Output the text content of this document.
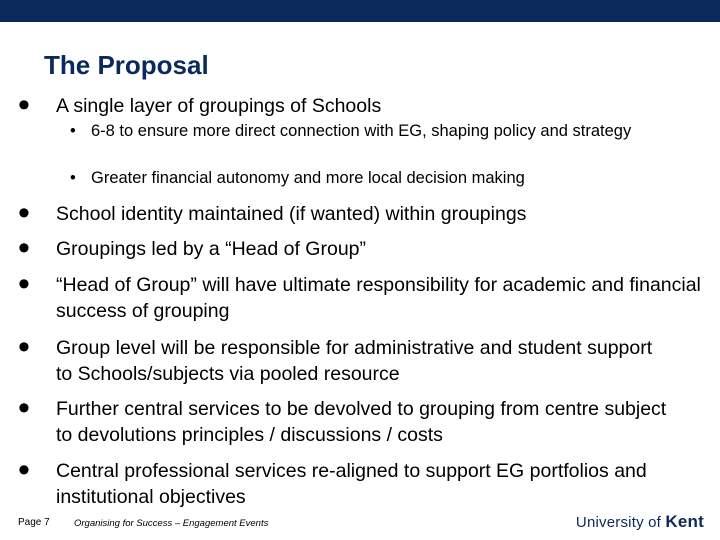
The Proposal
• A single layer of groupings of Schools
• 6-8 to ensure more direct connection with EG, shaping policy and strategy
• Greater financial autonomy and more local decision making
• School identity maintained (if wanted) within groupings
• Groupings led by a “Head of Group”
• “Head of Group” will have ultimate responsibility for academic and financial success of grouping
• Group level will be responsible for administrative and student support to Schools/subjects via pooled resource
• Further central services to be devolved to grouping from centre subject to devolutions principles / discussions / costs
• Central professional services re-aligned to support EG portfolios and institutional objectives
Page 7	Organising for Success – Engagement Events	University of Kent
